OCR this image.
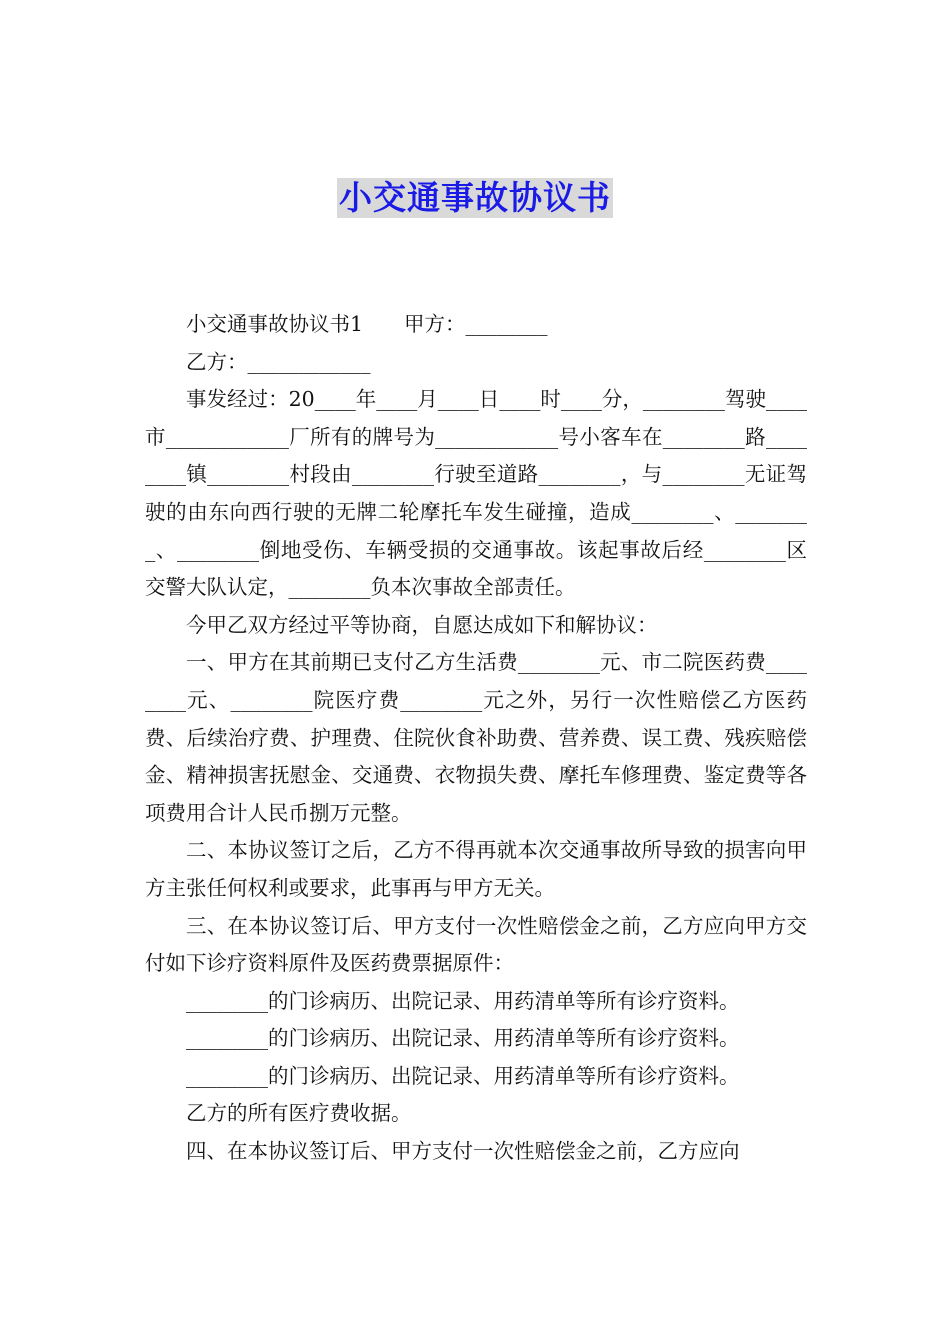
小交通事故协议书

小交通事故协议书1　　甲方：________

乙方：____________

事发经过：20____年____月____日____时____分，________驾驶____市____________厂所有的牌号为____________号小客车在________路________镇________村段由________行驶至道路________，与________无证驾驶的由东向西行驶的无牌二轮摩托车发生碰撞，造成________、________、________倒地受伤、车辆受损的交通事故。该起事故后经________区交警大队认定，________负本次事故全部责任。

今甲乙双方经过平等协商，自愿达成如下和解协议：

一、甲方在其前期已支付乙方生活费________元、市二院医药费________元、________院医疗费________元之外，另行一次性赔偿乙方医药费、后续治疗费、护理费、住院伙食补助费、营养费、误工费、残疾赔偿金、精神损害抚慰金、交通费、衣物损失费、摩托车修理费、鉴定费等各项费用合计人民币捌万元整。

二、本协议签订之后，乙方不得再就本次交通事故所导致的损害向甲方主张任何权利或要求，此事再与甲方无关。

三、在本协议签订后、甲方支付一次性赔偿金之前，乙方应向甲方交付如下诊疗资料原件及医药费票据原件：

________的门诊病历、出院记录、用药清单等所有诊疗资料。

________的门诊病历、出院记录、用药清单等所有诊疗资料。

________的门诊病历、出院记录、用药清单等所有诊疗资料。

乙方的所有医疗费收据。

四、在本协议签订后、甲方支付一次性赔偿金之前，乙方应向
